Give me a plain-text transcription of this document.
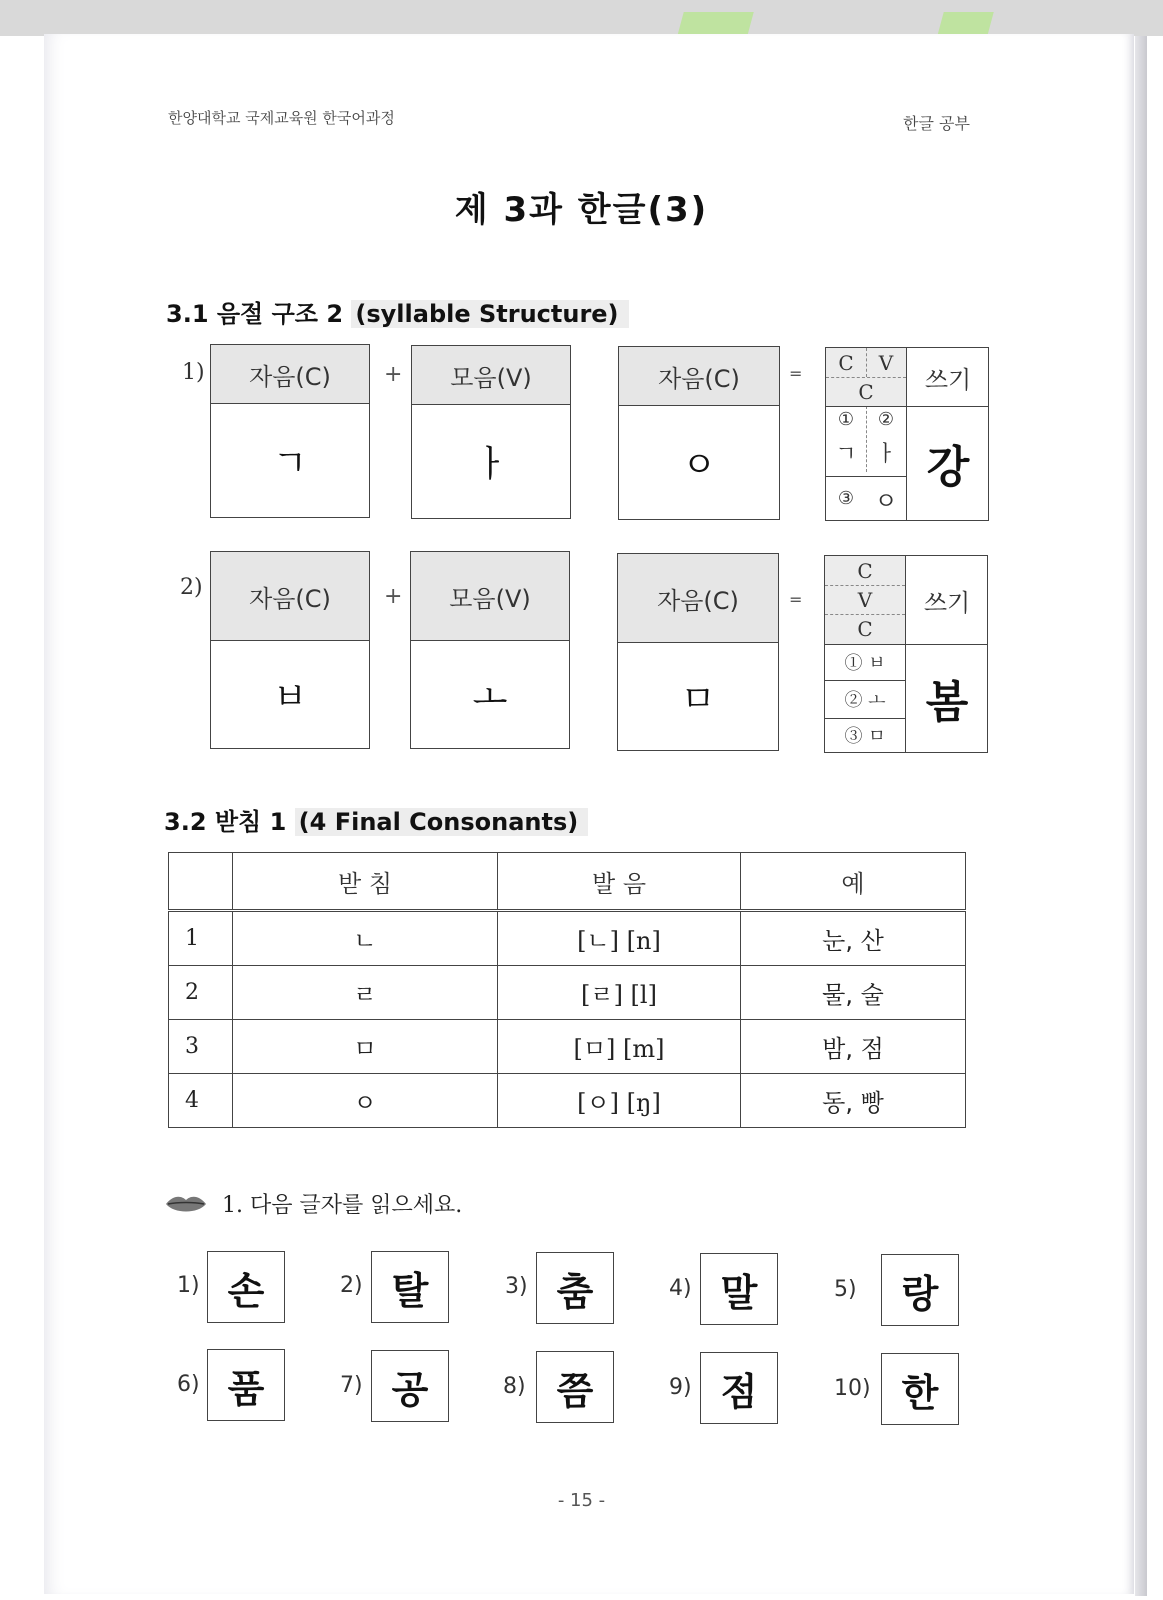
한양대학교 국제교육원 한국어과정	한글 공부
제 3과 한글(3)
3.1 음절 구조 2 (syllable Structure)
1)	자음(C)
ㄱ
+	모음(V)
ㅏ
자음(C)
ㅇ
=	C	V
C	쓰기
①	②
ㄱ ㅏ
③ ㅇ
강
2)	자음(C)
ㅂ
+	모음(V)
ㅗ
자음(C)
ㅁ
=
C
V
C
쓰기
① ㅂ
② ㅗ
③ ㅁ
봄
3.2 받침 1 (4 Final Consonants)
	받 침	발 음	예
1	ㄴ	[ㄴ] [n]	눈, 산
2	ㄹ	[ㄹ] [l]	물, 술
3	ㅁ	[ㅁ] [m]	밤, 점
4	ㅇ	[ㅇ] [ŋ]	동, 빵
1. 다음 글자를 읽으세요.
1) 손	2) 탈	3) 춤	4) 말	5)	랑
6) 품	7) 공	8) 쯤	9) 점	10) 한
- 15 -
